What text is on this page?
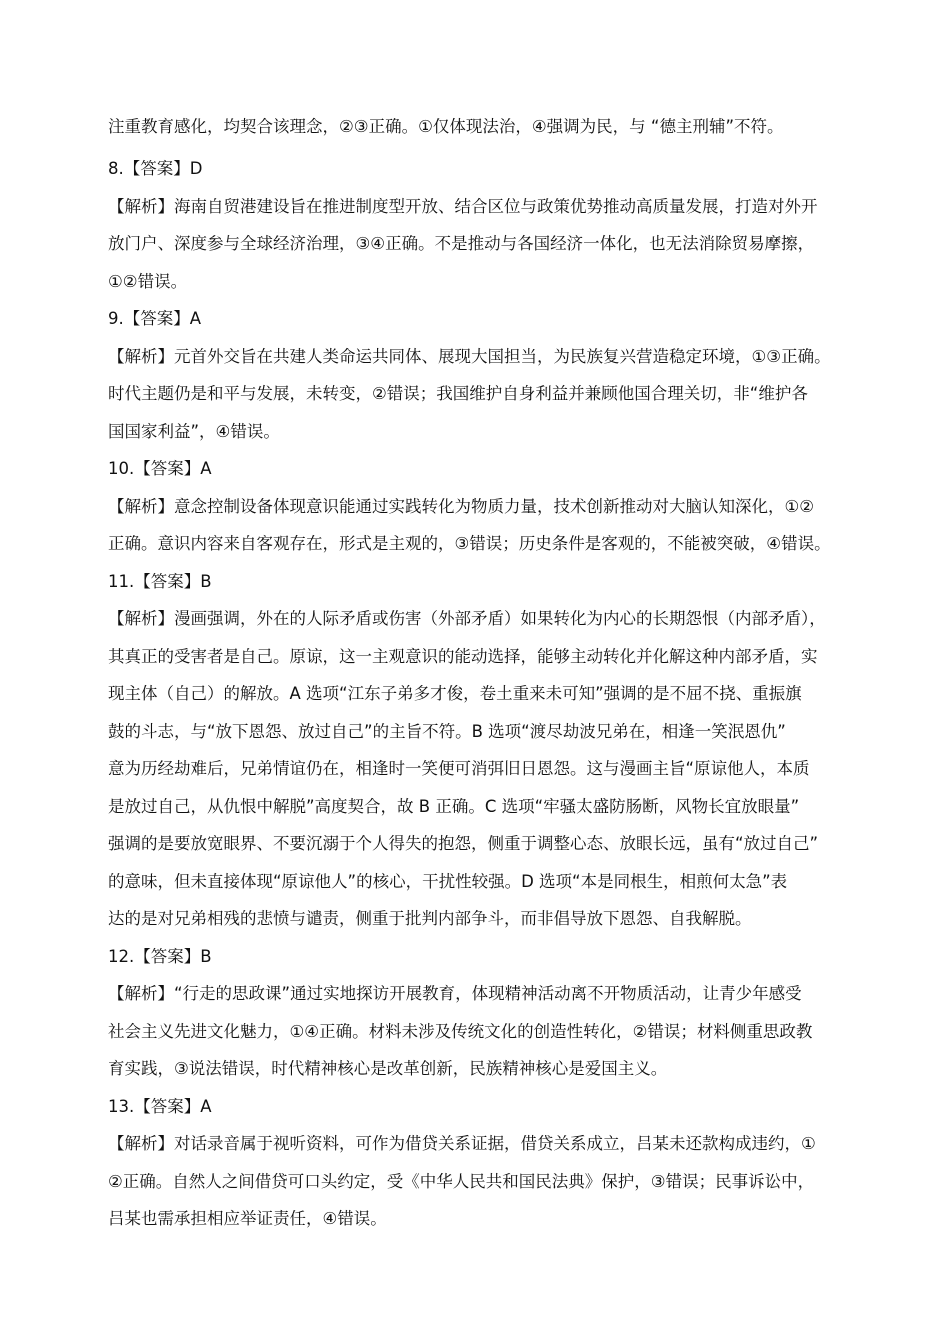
注重教育感化，均契合该理念，②③正确。①仅体现法治，④强调为民，与 “德主刑辅”不符。
8.【答案】D
【解析】海南自贸港建设旨在推进制度型开放、结合区位与政策优势推动高质量发展，打造对外开
放门户、深度参与全球经济治理，③④正确。不是推动与各国经济一体化，也无法消除贸易摩擦，
①②错误。
9.【答案】A
【解析】元首外交旨在共建人类命运共同体、展现大国担当，为民族复兴营造稳定环境，①③正确。
时代主题仍是和平与发展，未转变，②错误；我国维护自身利益并兼顾他国合理关切，非“维护各
国国家利益”，④错误。
10.【答案】A
【解析】意念控制设备体现意识能通过实践转化为物质力量，技术创新推动对大脑认知深化，①②
正确。意识内容来自客观存在，形式是主观的，③错误；历史条件是客观的，不能被突破，④错误。
11.【答案】B
【解析】漫画强调，外在的人际矛盾或伤害（外部矛盾）如果转化为内心的长期怨恨（内部矛盾），
其真正的受害者是自己。原谅，这一主观意识的能动选择，能够主动转化并化解这种内部矛盾，实
现主体（自己）的解放。A 选项“江东子弟多才俊，卷土重来未可知”强调的是不屈不挠、重振旗
鼓的斗志，与“放下恩怨、放过自己”的主旨不符。B 选项“渡尽劫波兄弟在，相逢一笑泯恩仇”
意为历经劫难后，兄弟情谊仍在，相逢时一笑便可消弭旧日恩怨。这与漫画主旨“原谅他人，本质
是放过自己，从仇恨中解脱”高度契合，故 B 正确。C 选项“牢骚太盛防肠断，风物长宜放眼量”
强调的是要放宽眼界、不要沉溺于个人得失的抱怨，侧重于调整心态、放眼长远，虽有“放过自己”
的意味，但未直接体现“原谅他人”的核心，干扰性较强。D 选项“本是同根生，相煎何太急”表
达的是对兄弟相残的悲愤与谴责，侧重于批判内部争斗，而非倡导放下恩怨、自我解脱。
12.【答案】B
【解析】“行走的思政课”通过实地探访开展教育，体现精神活动离不开物质活动，让青少年感受
社会主义先进文化魅力，①④正确。材料未涉及传统文化的创造性转化，②错误；材料侧重思政教
育实践，③说法错误，时代精神核心是改革创新，民族精神核心是爱国主义。
13.【答案】A
【解析】对话录音属于视听资料，可作为借贷关系证据，借贷关系成立，吕某未还款构成违约，①
②正确。自然人之间借贷可口头约定，受《中华人民共和国民法典》保护，③错误；民事诉讼中，
吕某也需承担相应举证责任，④错误。
